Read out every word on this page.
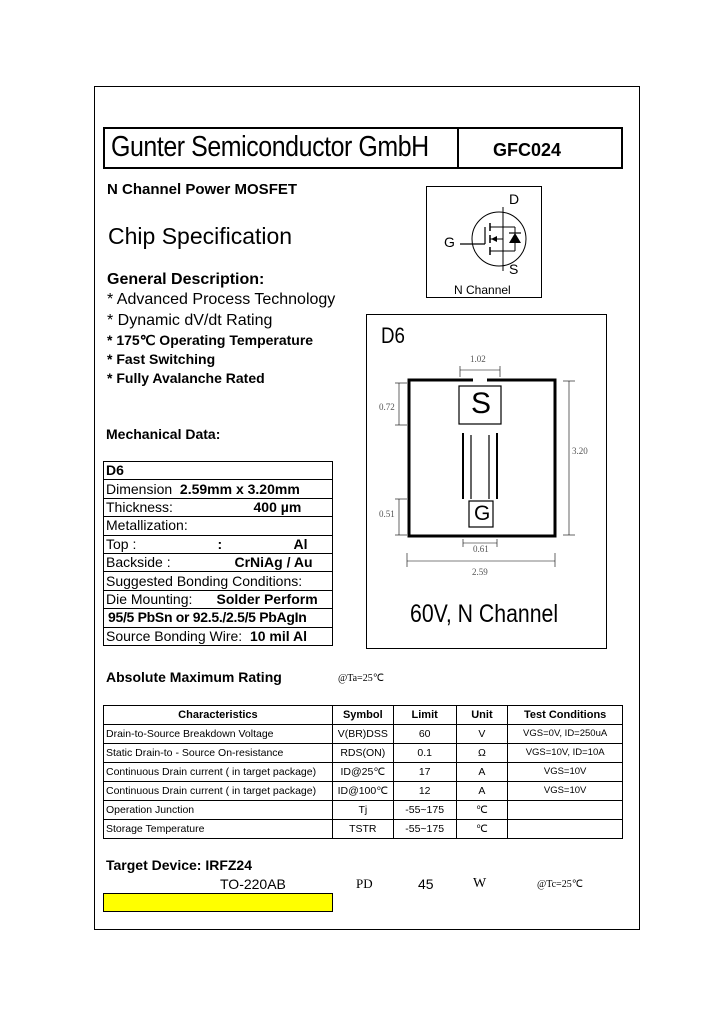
Gunter Semiconductor GmbH	GFC024
N Channel Power MOSFET
Chip Specification
D
G
S
N Channel
General Description:
* Advanced Process Technology
* Dynamic dV/dt Rating
* 175℃ Operating Temperature
* Fast Switching
* Fully Avalanche Rated
D6
S
G
1.02
0.72
3.20
0.51
0.61
2.59
60V, N Channel
Mechanical Data:
D6
Dimension 2.59mm x 3.20mm
Thickness:	400 µm

Metallization:
Top :	:	Al

Backside :	CrNiAg / Au

Suggested Bonding Conditions:
Die Mounting: Solder Perform

95/5 PbSn or 92.5./2.5/5 PbAgIn
Source Bonding Wire: 10 mil Al
Absolute Maximum Rating	@Ta=25℃
Characteristics	Symbol	Limit	Unit	Test Conditions
Drain-to-Source Breakdown Voltage	V(BR)DSS	60	V	VGS=0V, ID=250uA
Static Drain-to - Source On-resistance	RDS(ON)	0.1	Ω	VGS=10V, ID=10A
Continuous Drain current ( in target package)	ID@25℃	17	A	VGS=10V
Continuous Drain current ( in target package)	ID@100℃	12	A	VGS=10V
Operation Junction	Tj	-55~175	℃	
Storage Temperature	TSTR	-55~175	℃	
Target Device: IRFZ24
TO-220AB	PD	45	W	@Tc=25℃
